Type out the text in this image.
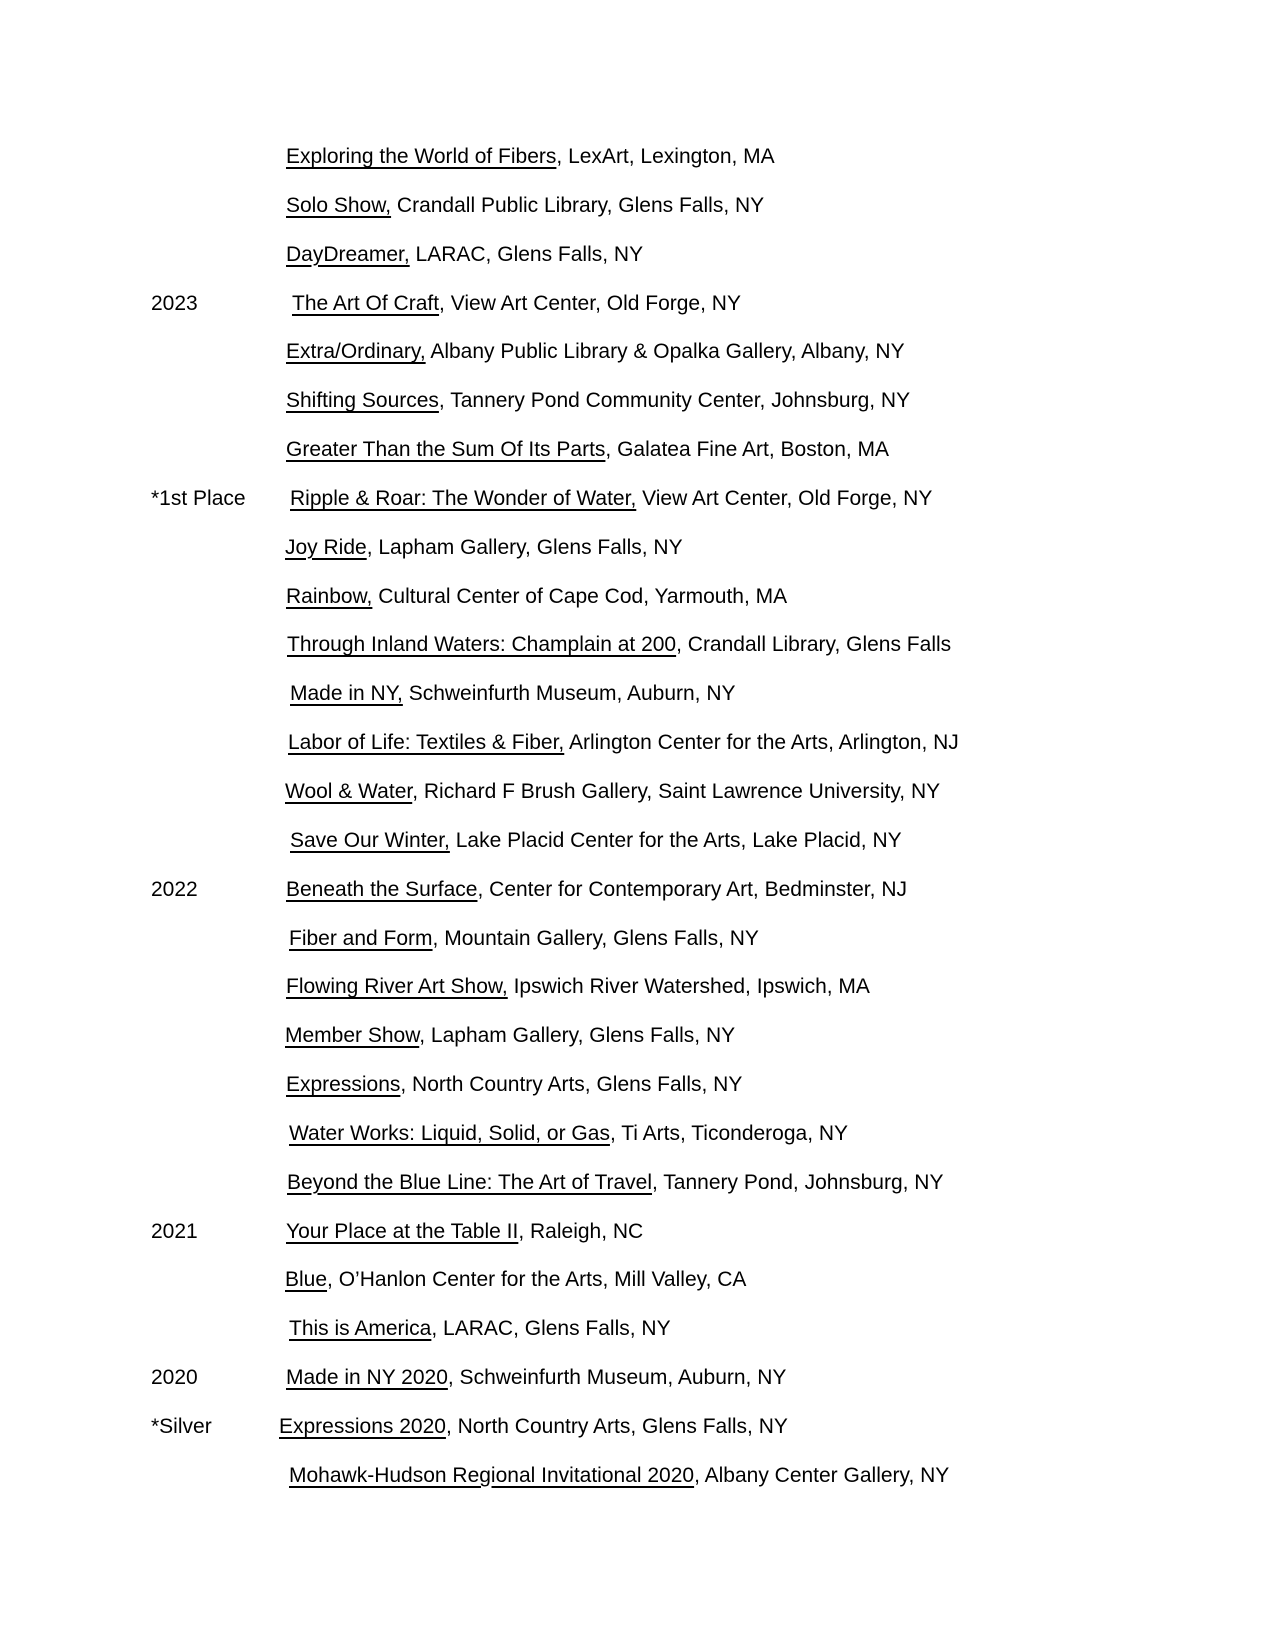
Exploring the World of Fibers, LexArt, Lexington, MA
Solo Show, Crandall Public Library, Glens Falls, NY
DayDreamer, LARAC, Glens Falls, NY
2023	The Art Of Craft, View Art Center, Old Forge, NY
Extra/Ordinary, Albany Public Library & Opalka Gallery, Albany, NY
Shifting Sources, Tannery Pond Community Center, Johnsburg, NY
Greater Than the Sum Of Its Parts, Galatea Fine Art, Boston, MA
*1st Place Ripple & Roar: The Wonder of Water, View Art Center, Old Forge, NY
Joy Ride, Lapham Gallery, Glens Falls, NY
Rainbow, Cultural Center of Cape Cod, Yarmouth, MA
Through Inland Waters: Champlain at 200, Crandall Library, Glens Falls
Made in NY, Schweinfurth Museum, Auburn, NY
Labor of Life: Textiles & Fiber, Arlington Center for the Arts, Arlington, NJ
Wool & Water, Richard F Brush Gallery, Saint Lawrence University, NY
Save Our Winter, Lake Placid Center for the Arts, Lake Placid, NY
2022	Beneath the Surface, Center for Contemporary Art, Bedminster, NJ
Fiber and Form, Mountain Gallery, Glens Falls, NY
Flowing River Art Show, Ipswich River Watershed, Ipswich, MA
Member Show, Lapham Gallery, Glens Falls, NY
Expressions, North Country Arts, Glens Falls, NY
Water Works: Liquid, Solid, or Gas, Ti Arts, Ticonderoga, NY
Beyond the Blue Line: The Art of Travel, Tannery Pond, Johnsburg, NY
2021	Your Place at the Table II, Raleigh, NC
Blue, O’Hanlon Center for the Arts, Mill Valley, CA
This is America, LARAC, Glens Falls, NY
2020	Made in NY 2020, Schweinfurth Museum, Auburn, NY
*Silver	Expressions 2020, North Country Arts, Glens Falls, NY
Mohawk-Hudson Regional Invitational 2020, Albany Center Gallery, NY
